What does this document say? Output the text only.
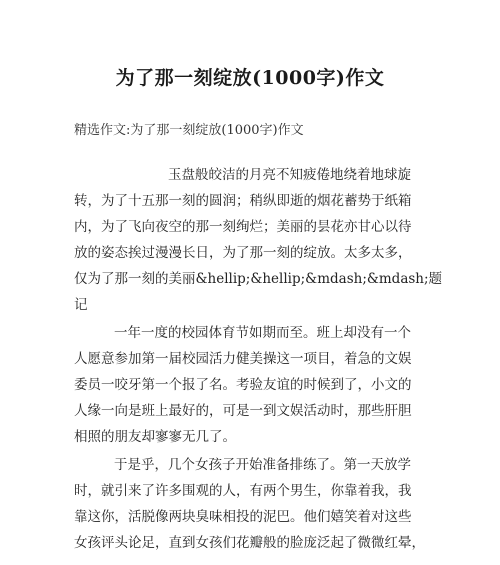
为了那一刻绽放(1000字)作文
精选作文:为了那一刻绽放(1000字)作文
玉盘般皎洁的月亮不知疲倦地绕着地球旋
转，为了十五那一刻的圆润；稍纵即逝的烟花蓄势于纸箱
内，为了飞向夜空的那一刻绚烂；美丽的昙花亦甘心以待
放的姿态挨过漫漫长日，为了那一刻的绽放。太多太多，
仅为了那一刻的美丽&hellip;&hellip;&mdash;&mdash;题
记
一年一度的校园体育节如期而至。班上却没有一个
人愿意参加第一届校园活力健美操这一项目，着急的文娱
委员一咬牙第一个报了名。考验友谊的时候到了，小文的
人缘一向是班上最好的，可是一到文娱活动时，那些肝胆
相照的朋友却寥寥无几了。
于是乎，几个女孩子开始准备排练了。第一天放学
时，就引来了许多围观的人，有两个男生，你靠着我，我
靠这你，活脱像两块臭味相投的泥巴。他们嬉笑着对这些
女孩评头论足，直到女孩们花瓣般的脸庞泛起了微微红晕，
